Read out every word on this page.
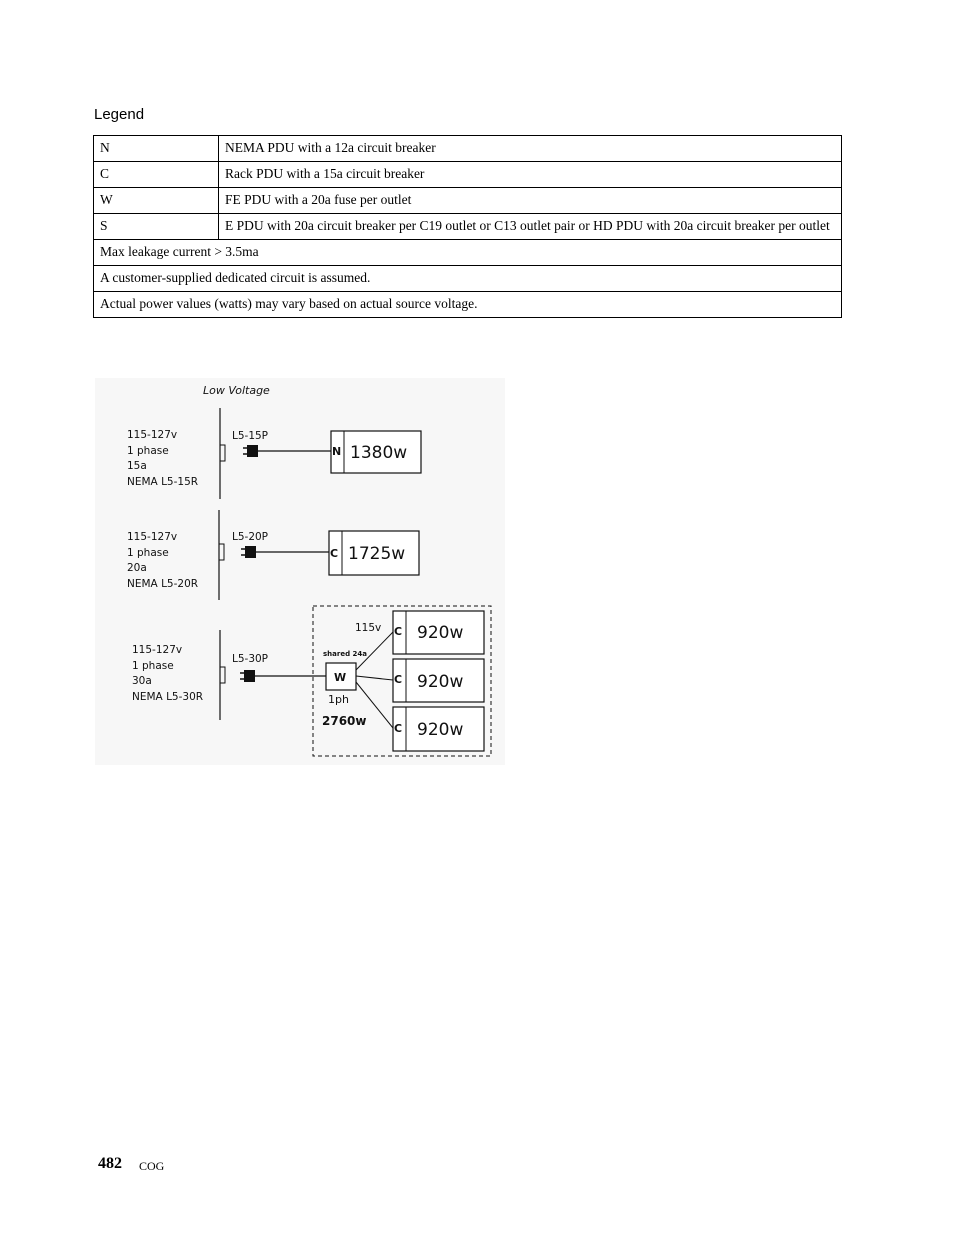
Legend
N	NEMA PDU with a 12a circuit breaker
C	Rack PDU with a 15a circuit breaker
W	FE PDU with a 20a fuse per outlet
S	E PDU with 20a circuit breaker per C19 outlet or C13 outlet pair or HD PDU with 20a circuit breaker per outlet
Max leakage current > 3.5ma	
A customer-supplied dedicated circuit is assumed.	
Actual power values (watts) may vary based on actual source voltage.	
Low Voltage
115-127v
1 phase
15a
NEMA L5-15R
L5-15P
N 1380w
115-127v
1 phase
20a
NEMA L5-20R
L5-20P
C 1725w
115-127v
1 phase
30a
NEMA L5-30R
L5-30P	shared 24a
W
1ph
2760w
115v C 920w
C 920w
C 920w
482 COG
